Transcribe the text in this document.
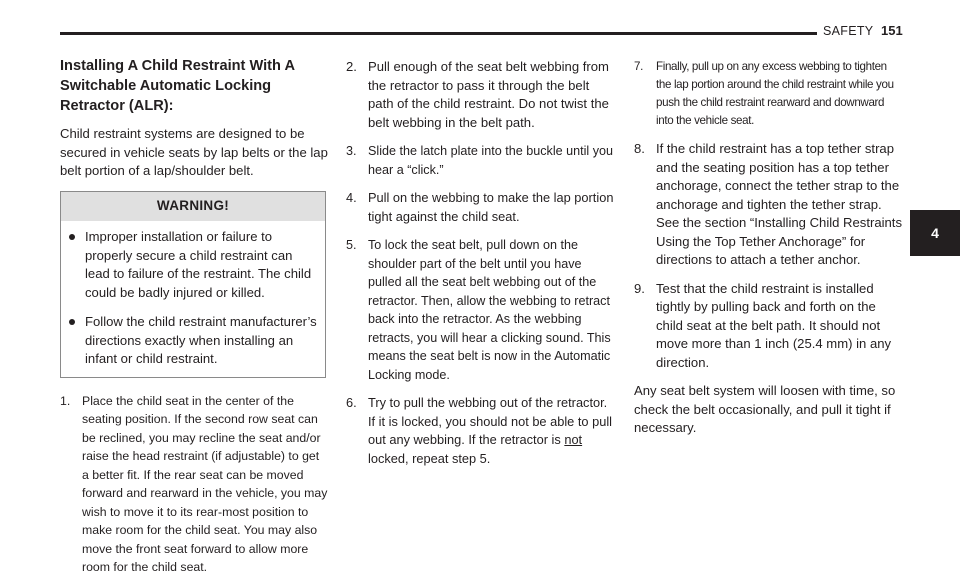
SAFETY 151
4
Installing A Child Restraint With A Switchable Automatic Locking Retractor (ALR):

Child restraint systems are designed to be secured in vehicle seats by lap belts or the lap belt portion of a lap/shoulder belt.

WARNING!
Improper installation or failure to properly secure a child restraint can lead to failure of the restraint. The child could be badly injured or killed.
Follow the child restraint manufacturer’s directions exactly when installing an infant or child restraint.
1. Place the child seat in the center of the seating position. If the second row seat can be reclined, you may recline the seat and/or raise the head restraint (if adjustable) to get a better fit. If the rear seat can be moved forward and rearward in the vehicle, you may wish to move it to its rear-most position to make room for the child seat. You may also move the front seat forward to allow more room for the child seat.
2. Pull enough of the seat belt webbing from the retractor to pass it through the belt path of the child restraint. Do not twist the belt webbing in the belt path.
3. Slide the latch plate into the buckle until you hear a “click.”
4. Pull on the webbing to make the lap portion tight against the child seat.
5. To lock the seat belt, pull down on the shoulder part of the belt until you have pulled all the seat belt webbing out of the retractor. Then, allow the webbing to retract back into the retractor. As the webbing retracts, you will hear a clicking sound. This means the seat belt is now in the Automatic Locking mode.
6. Try to pull the webbing out of the retractor. If it is locked, you should not be able to pull out any webbing. If the retractor is not locked, repeat step 5.
7. Finally, pull up on any excess webbing to tighten the lap portion around the child restraint while you push the child restraint rearward and downward into the vehicle seat.
8. If the child restraint has a top tether strap and the seating position has a top tether anchorage, connect the tether strap to the anchorage and tighten the tether strap. See the section “Installing Child Restraints Using the Top Tether Anchorage” for directions to attach a tether anchor.
9. Test that the child restraint is installed tightly by pulling back and forth on the child seat at the belt path. It should not move more than 1 inch (25.4 mm) in any direction.

Any seat belt system will loosen with time, so check the belt occasionally, and pull it tight if necessary.
